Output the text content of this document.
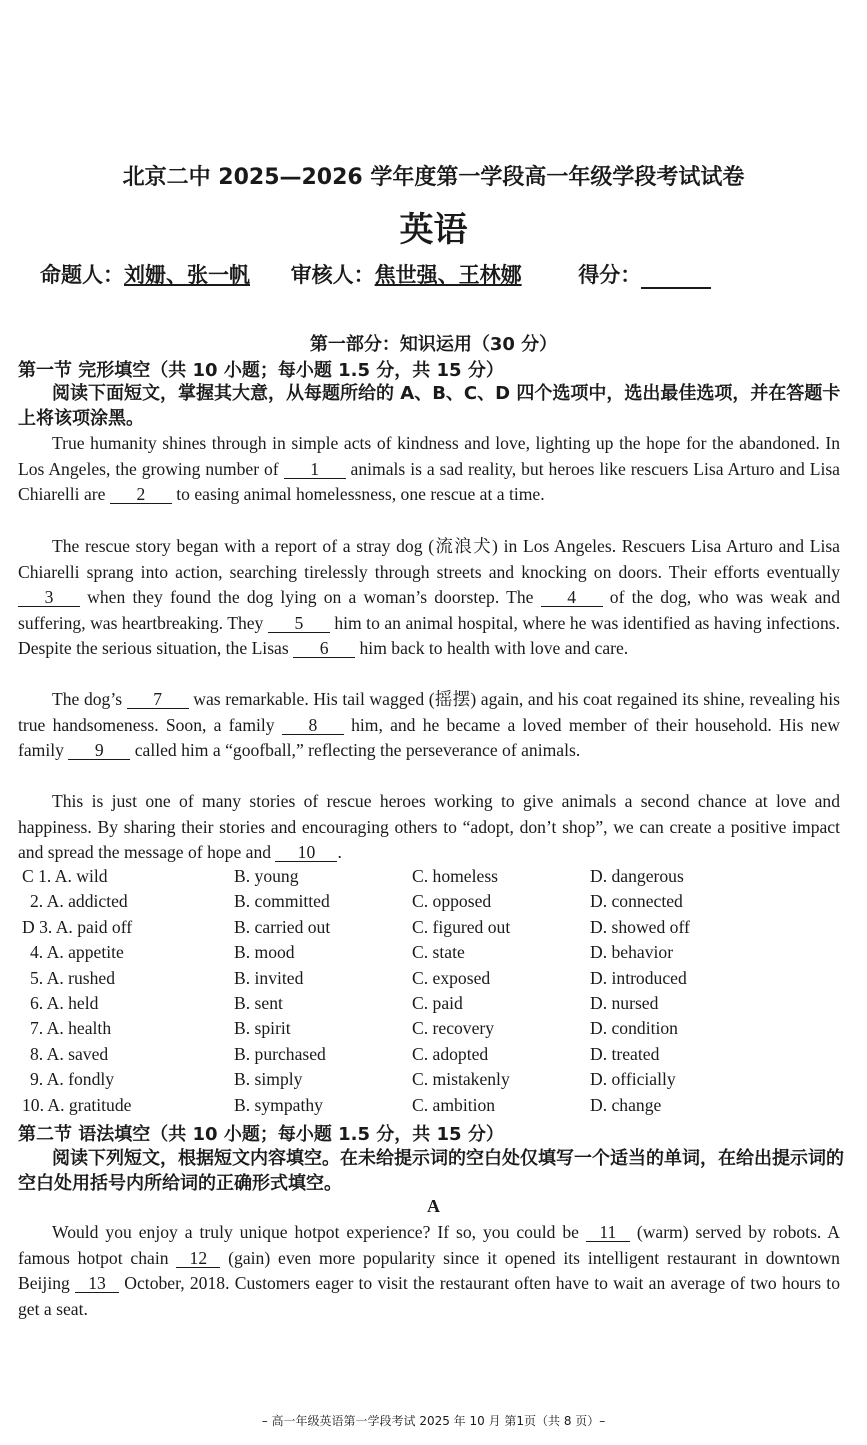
北京二中 2025—2026 学年度第一学段高一年级学段考试试卷
英语
命题人：刘姗、张一帆 审核人：焦世强、王林娜	得分：
第一部分：知识运用（30 分）
第一节 完形填空（共 10 小题；每小题 1.5 分，共 15 分）
阅读下面短文，掌握其大意，从每题所给的 A、B、C、D 四个选项中，选出最佳选项，并在答题卡上将该项涂黑。
True humanity shines through in simple acts of kindness and love, lighting up the hope for the abandoned. In Los Angeles, the growing number of 1 animals is a sad reality, but heroes like rescuers Lisa Arturo and Lisa Chiarelli are 2 to easing animal homelessness, one rescue at a time.
The rescue story began with a report of a stray dog (流浪犬) in Los Angeles. Rescuers Lisa Arturo and Lisa Chiarelli sprang into action, searching tirelessly through streets and knocking on doors. Their efforts eventually 3 when they found the dog lying on a woman’s doorstep. The 4 of the dog, who was weak and suffering, was heartbreaking. They 5 him to an animal hospital, where he was identified as having infections. Despite the serious situation, the Lisas 6 him back to health with love and care.
The dog’s 7 was remarkable. His tail wagged (摇摆) again, and his coat regained its shine, revealing his true handsomeness. Soon, a family 8 him, and he became a loved member of their household. His new family 9 called him a “goofball,” reflecting the perseverance of animals.
This is just one of many stories of rescue heroes working to give animals a second chance at love and happiness. By sharing their stories and encouraging others to “adopt, don’t shop”, we can create a positive impact and spread the message of hope and 10 .
C 1. A. wild	B. young	C. homeless	D. dangerous
2. A. addicted	B. committed	C. opposed	D. connected
D 3. A. paid off	B. carried out	C. figured out	D. showed off
4. A. appetite	B. mood	C. state	D. behavior
5. A. rushed	B. invited	C. exposed	D. introduced
6. A. held	B. sent	C. paid	D. nursed
7. A. health	B. spirit	C. recovery	D. condition
8. A. saved	B. purchased	C. adopted	D. treated
9. A. fondly	B. simply	C. mistakenly	D. officially
10. A. gratitude	B. sympathy	C. ambition	D. change
第二节 语法填空（共 10 小题；每小题 1.5 分，共 15 分）
阅读下列短文，根据短文内容填空。在未给提示词的空白处仅填写一个适当的单词，在给出提示词的空白处用括号内所给词的正确形式填空。
A
Would you enjoy a truly unique hotpot experience? If so, you could be 11 (warm) served by robots. A famous hotpot chain 12 (gain) even more popularity since it opened its intelligent restaurant in downtown Beijing 13 October, 2018. Customers eager to visit the restaurant often have to wait an average of two hours to get a seat.
– 高一年级英语第一学段考试 2025 年 10 月 第1页（共 8 页）–
